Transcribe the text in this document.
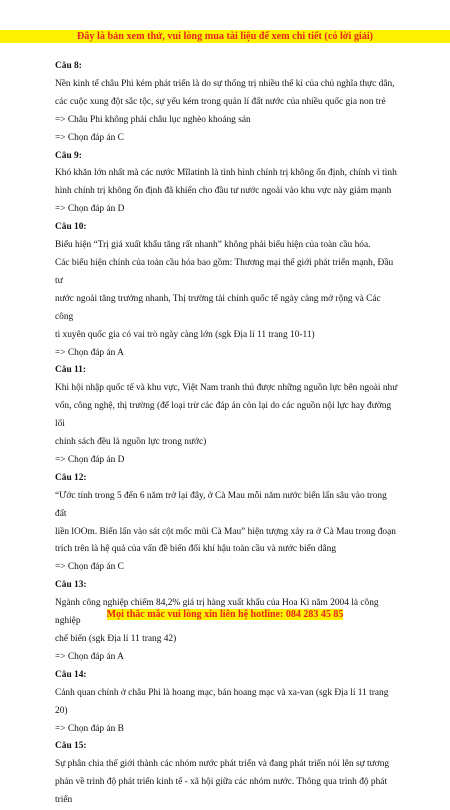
Đây là bản xem thử, vui lòng mua tài liệu để xem chi tiết (có lời giải)

Câu 8:

Nền kinh tế châu Phi kém phát triển là do sự thống trị nhiều thế kỉ của chủ nghĩa thực dân,

các cuộc xung đột sắc tộc, sự yếu kém trong quản lí đất nước của nhiều quốc gia non trẻ

=> Châu Phi không phải châu lục nghèo khoáng sản

=> Chọn đáp án C

Câu 9:

Khó khăn lớn nhất mà các nước Mĩlatinh là tình hình chính trị không ổn định, chính vì tình

hình chính trị không ổn định đã khiến cho đầu tư nước ngoài vào khu vực này giảm mạnh

=> Chọn đáp án D

Câu 10:

Biểu hiện “Trị giá xuất khẩu tăng rất nhanh” không phải biểu hiện của toàn cầu hóa.

Các biểu hiện chính của toàn cầu hóa bao gồm: Thương mại thế giới phát triển mạnh, Đầu tư

nước ngoài tăng trưởng nhanh, Thị trường tài chính quốc tế ngày càng mở rộng và Các công

ti xuyên quốc gia có vai trò ngày càng lớn (sgk Địa lí 11 trang 10-11)

=> Chọn đáp án A

Câu 11:

Khi hội nhập quốc tế và khu vực, Việt Nam tranh thủ được những nguồn lực bên ngoài như

vốn, công nghệ, thị trường (để loại trừ các đáp án còn lại do các nguồn nội lực hay đường lối

chính sách đều là nguồn lực trong nước)

=> Chọn đáp án D

Câu 12:

“Ước tính trong 5 đến 6 năm trở lại đây, ở Cà Mau mỗi năm nước biển lấn sâu vào trong đất

liền lOOm. Biển lấn vào sát cột mốc mũi Cà Mau” hiện tượng xảy ra ở Cà Mau trong đoạn

trích trên là hệ quả của vấn đề biến đổi khí hậu toàn cầu và nước biển dâng

=> Chọn đáp án C

Câu 13:

Ngành công nghiệp chiếm 84,2% giá trị hàng xuất khẩu của Hoa Kì năm 2004 là công nghiệp

chế biến (sgk Địa lí 11 trang 42)

=> Chọn đáp án A

Câu 14:

Cảnh quan chính ở châu Phi là hoang mạc, bán hoang mạc và xa-van (sgk Địa lí 11 trang 20)

=> Chọn đáp án B

Câu 15:

Sự phân chia thế giới thành các nhóm nước phát triển và đang phát triển nói lên sự tương

phản về trình độ phát triển kinh tế - xã hội giữa các nhóm nước. Thông qua trình độ phát triển

Mọi thắc mắc vui lòng xin liên hệ hotline: 084 283 45 85
